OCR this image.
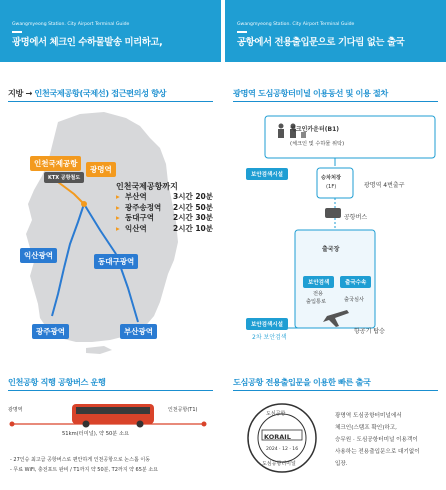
Gwangmyeong Station. City Airport Terminal Guide
광명에서 체크인 수하물발송 미리하고,
Gwangmyeong Station. City Airport Terminal Guide
공항에서 전용출입문으로 기다림 없는 출국
지방 → 인천국제공항(국제선) 접근편의성 향상
인천국제공항
광명역
KTX 공항철도
익산광역
동대구광역
광주광역	부산광역
인천국제공항까지
▸ 부산역	3시간 20분
▸ 광주송정역	2시간 50분
▸ 동대구역	2시간 30분
▸ 익산역	2시간 10분
인천공항 직행 공항버스 운행
광명역	인천공항(T1)
51km(터미널), 약 50분 소요
- 27인승 최고급 공항버스로 편안하게 인천공항으로 논스톱 이동
- 무료 WiFi, 충전포트 완비 / T1까지 약 50분, T2까지 약 65분 소요
광명역 도심공항터미널 이용동선 및 이용 절차
체크인카운터(B1)
(체크인 및 수하물 위탁)
보안검색시설	승차처장
(1F)	광명역 4번출구
공항버스
출국장
보안검색	출국수속
전용
출입통로	출국심사
보안검색시설
2차 보안검색
항공기 탑승
도심공항 전용출입문을 이용한 빠른 출국
도심공항
KORAIL
2024 · 12 · 16
도심공항터미널
광명역 도심공항터미널에서
체크인(스탬프 확인)하고,
승무원 · 도심공항터미널 이용객이
사용하는 전용출입문으로 대기없이
입장.
